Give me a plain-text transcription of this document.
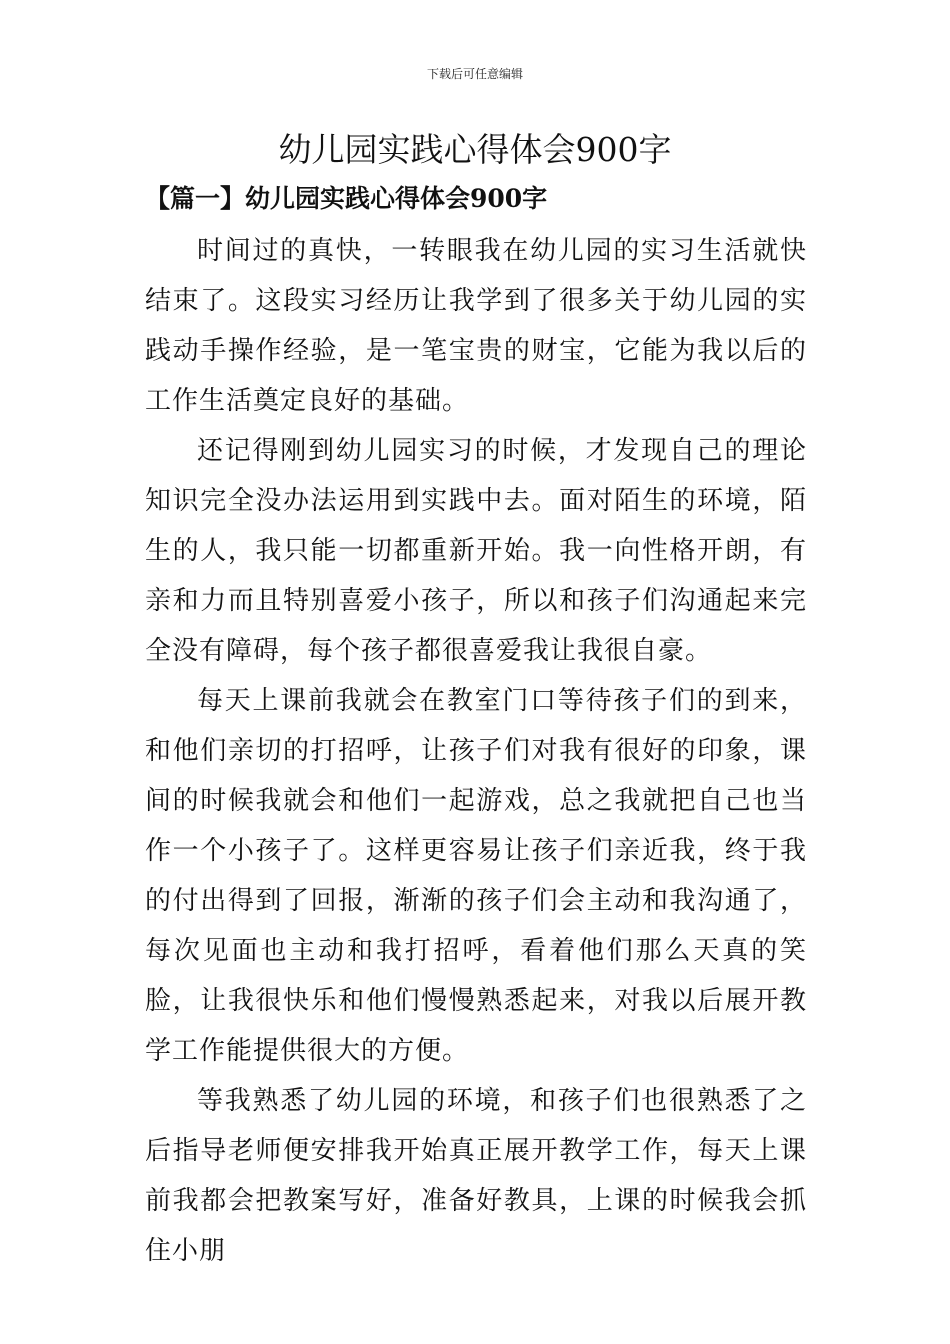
下载后可任意编辑
幼儿园实践心得体会900字
【篇一】幼儿园实践心得体会900字

时间过的真快，一转眼我在幼儿园的实习生活就快结束了。这段实习经历让我学到了很多关于幼儿园的实践动手操作经验，是一笔宝贵的财宝，它能为我以后的工作生活奠定良好的基础。

还记得刚到幼儿园实习的时候，才发现自己的理论知识完全没办法运用到实践中去。面对陌生的环境，陌生的人，我只能一切都重新开始。我一向性格开朗，有亲和力而且特别喜爱小孩子，所以和孩子们沟通起来完全没有障碍，每个孩子都很喜爱我让我很自豪。

每天上课前我就会在教室门口等待孩子们的到来，和他们亲切的打招呼，让孩子们对我有很好的印象，课间的时候我就会和他们一起游戏，总之我就把自己也当作一个小孩子了。这样更容易让孩子们亲近我，终于我的付出得到了回报，渐渐的孩子们会主动和我沟通了，每次见面也主动和我打招呼，看着他们那么天真的笑脸，让我很快乐和他们慢慢熟悉起来，对我以后展开教学工作能提供很大的方便。

等我熟悉了幼儿园的环境，和孩子们也很熟悉了之后指导老师便安排我开始真正展开教学工作，每天上课前我都会把教案写好，准备好教具，上课的时候我会抓住小朋
